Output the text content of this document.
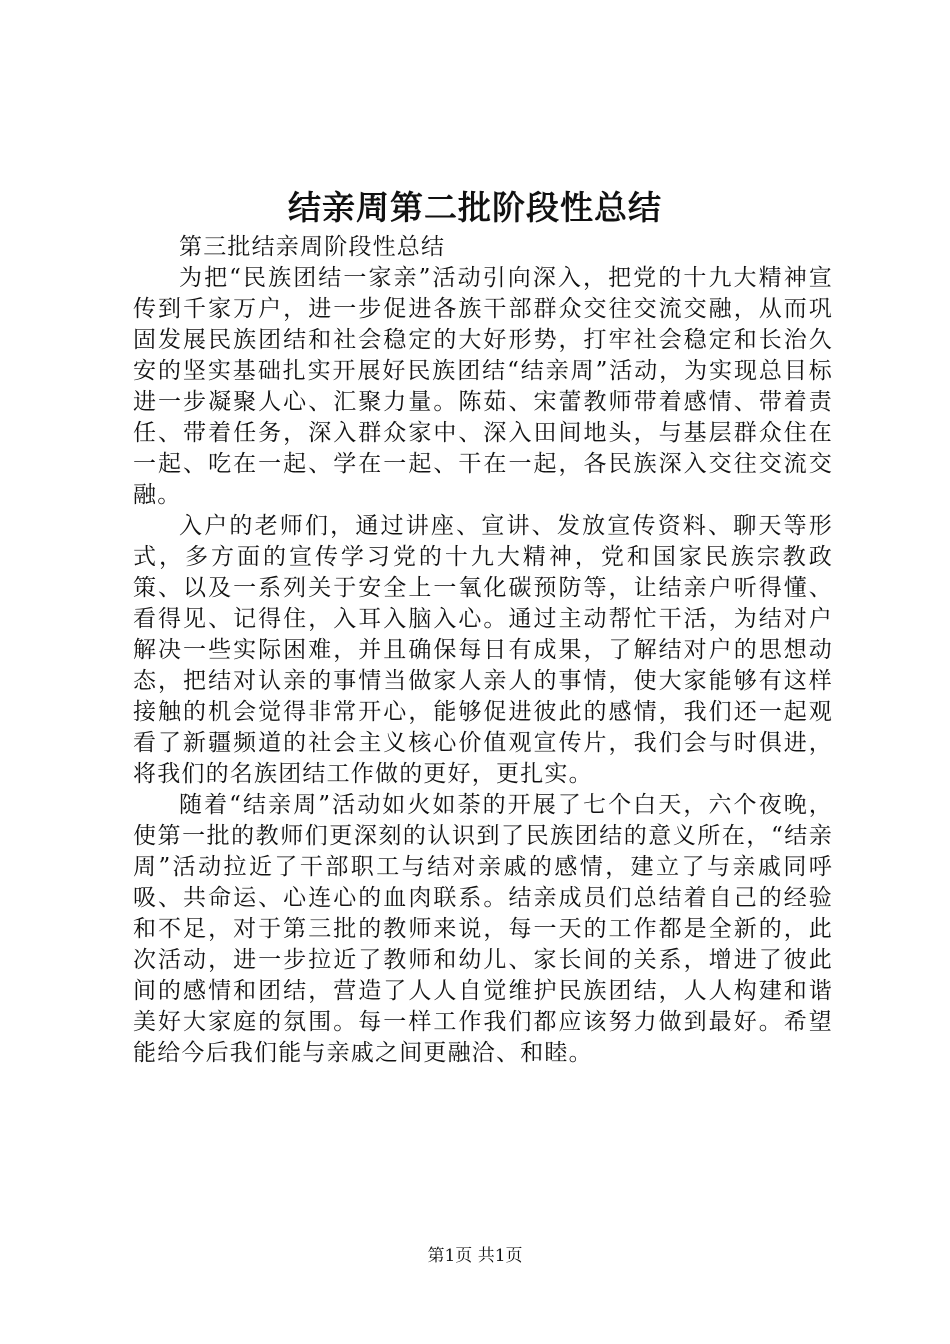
结亲周第二批阶段性总结

第三批结亲周阶段性总结

为把“民族团结一家亲”活动引向深入，把党的十九大精神宣传到千家万户，进一步促进各族干部群众交往交流交融，从而巩固发展民族团结和社会稳定的大好形势，打牢社会稳定和长治久安的坚实基础扎实开展好民族团结“结亲周”活动，为实现总目标进一步凝聚人心、汇聚力量。陈茹、宋蕾教师带着感情、带着责任、带着任务，深入群众家中、深入田间地头，与基层群众住在一起、吃在一起、学在一起、干在一起，各民族深入交往交流交融。

入户的老师们，通过讲座、宣讲、发放宣传资料、聊天等形式，多方面的宣传学习党的十九大精神，党和国家民族宗教政策、以及一系列关于安全上一氧化碳预防等，让结亲户听得懂、看得见、记得住，入耳入脑入心。通过主动帮忙干活，为结对户解决一些实际困难，并且确保每日有成果，了解结对户的思想动态，把结对认亲的事情当做家人亲人的事情，使大家能够有这样接触的机会觉得非常开心，能够促进彼此的感情，我们还一起观看了新疆频道的社会主义核心价值观宣传片，我们会与时俱进，将我们的名族团结工作做的更好，更扎实。

随着“结亲周”活动如火如荼的开展了七个白天，六个夜晚，使第一批的教师们更深刻的认识到了民族团结的意义所在，“结亲周”活动拉近了干部职工与结对亲戚的感情，建立了与亲戚同呼吸、共命运、心连心的血肉联系。结亲成员们总结着自己的经验和不足，对于第三批的教师来说，每一天的工作都是全新的，此次活动，进一步拉近了教师和幼儿、家长间的关系，增进了彼此间的感情和团结，营造了人人自觉维护民族团结，人人构建和谐美好大家庭的氛围。每一样工作我们都应该努力做到最好。希望能给今后我们能与亲戚之间更融洽、和睦。

第1页 共1页
